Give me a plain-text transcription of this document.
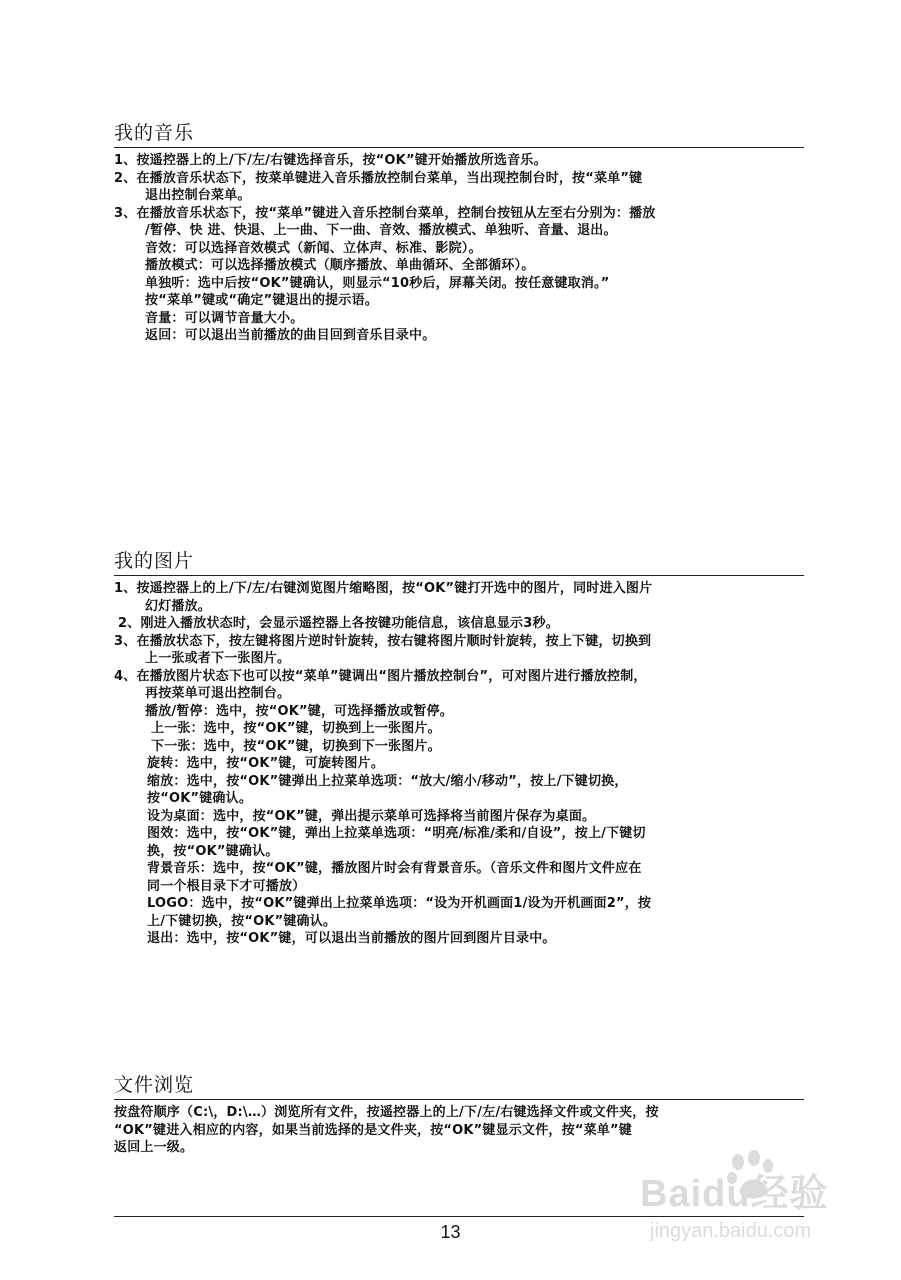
我的音乐
1、按遥控器上的上/下/左/右键选择音乐，按“OK”键开始播放所选音乐。
2、在播放音乐状态下，按菜单键进入音乐播放控制台菜单，当出现控制台时，按“菜单”键
退出控制台菜单。
3、在播放音乐状态下，按“菜单”键进入音乐控制台菜单，控制台按钮从左至右分别为：播放
/暂停、快 进、快退、上一曲、下一曲、音效、播放模式、单独听、音量、退出。
音效：可以选择音效模式（新闻、立体声、标准、影院）。
播放模式：可以选择播放模式（顺序播放、单曲循环、全部循环）。
单独听：选中后按“OK”键确认，则显示“10秒后，屏幕关闭。按任意键取消。”
按“菜单”键或“确定”键退出的提示语。
音量：可以调节音量大小。
返回：可以退出当前播放的曲目回到音乐目录中。
我的图片
1、按遥控器上的上/下/左/右键浏览图片缩略图，按“OK”键打开选中的图片，同时进入图片
幻灯播放。
2、刚进入播放状态时，会显示遥控器上各按键功能信息，该信息显示3秒。
3、在播放状态下，按左键将图片逆时针旋转，按右键将图片顺时针旋转，按上下键，切换到
上一张或者下一张图片。
4、在播放图片状态下也可以按“菜单”键调出“图片播放控制台”，可对图片进行播放控制，
再按菜单可退出控制台。
播放/暂停：选中，按“OK”键，可选择播放或暂停。
上一张：选中，按“OK”键，切换到上一张图片。
下一张：选中，按“OK”键，切换到下一张图片。
旋转：选中，按“OK”键，可旋转图片。
缩放：选中，按“OK”键弹出上拉菜单选项：“放大/缩小/移动”，按上/下键切换，
按“OK”键确认。
设为桌面：选中，按“OK”键，弹出提示菜单可选择将当前图片保存为桌面。
图效：选中，按“OK”键，弹出上拉菜单选项：“明亮/标准/柔和/自设”，按上/下键切
换，按“OK”键确认。
背景音乐：选中，按“OK”键，播放图片时会有背景音乐。（音乐文件和图片文件应在
同一个根目录下才可播放）
LOGO：选中，按“OK”键弹出上拉菜单选项：“设为开机画面1/设为开机画面2”，按
上/下键切换，按“OK”键确认。
退出：选中，按“OK”键，可以退出当前播放的图片回到图片目录中。
文件浏览
按盘符顺序（C:\，D:\…）浏览所有文件，按遥控器上的上/下/左/右键选择文件或文件夹，按
“OK”键进入相应的内容，如果当前选择的是文件夹，按“OK”键显示文件，按“菜单”键
返回上一级。
Baidu经验
jingyan.baidu.com
13
